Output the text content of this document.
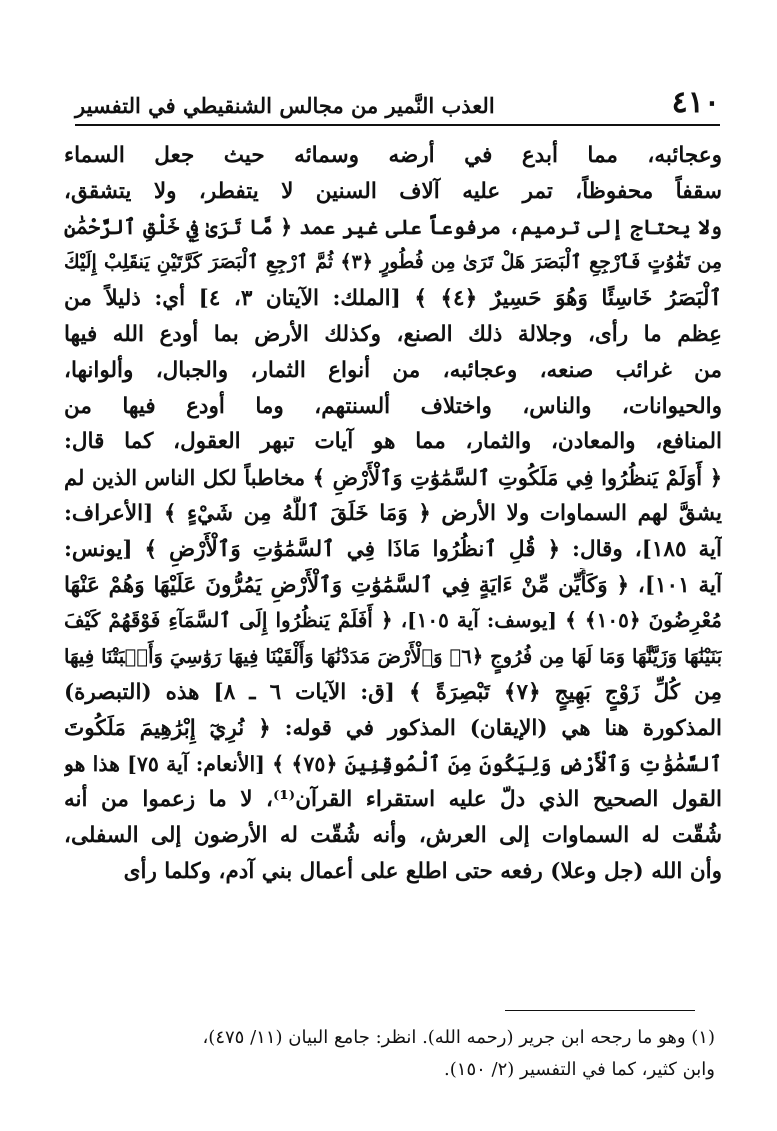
٤١٠
العذب النَّمير من مجالس الشنقيطي في التفسير
وعجائبه، مما أبدع في أرضه وسمائه حيث جعل السماء
سقفاً محفوظاً، تمر عليه آلاف السنين لا يتفطر، ولا يتشقق،
ولا يحتاج إلى ترميم، مرفوعاً على غير عمد ﴿ مَّا تَرَىٰ فِي خَلْقِ ٱلرَّحْمَٰنِ
مِن تَفَٰوُتٍ فَٱرْجِعِ ٱلْبَصَرَ هَلْ تَرَىٰ مِن فُطُورٍ ﴿٣﴾ ثُمَّ ٱرْجِعِ ٱلْبَصَرَ كَرَّتَيْنِ يَنقَلِبْ إِلَيْكَ
ٱلْبَصَرُ خَاسِئًا وَهُوَ حَسِيرٌ ﴿٤﴾ ﴾ [الملك: الآيتان ٣، ٤] أي: ذليلاً من
عِظم ما رأى، وجلالة ذلك الصنع، وكذلك الأرض بما أودع الله فيها
من غرائب صنعه، وعجائبه، من أنواع الثمار، والجبال، وألوانها،
والحيوانات، والناس، واختلاف ألسنتهم، وما أودع فيها من
المنافع، والمعادن، والثمار، مما هو آيات تبهر العقول، كما قال:
﴿ أَوَلَمْ يَنظُرُوا فِي مَلَكُوتِ ٱلسَّمَٰوَٰتِ وَٱلْأَرْضِ ﴾ مخاطباً لكل الناس الذين لم
يشقَّ لهم السماوات ولا الأرض ﴿ وَمَا خَلَقَ ٱللَّهُ مِن شَيْءٍ ﴾ [الأعراف:
آية ١٨٥]، وقال: ﴿ قُلِ ٱنظُرُوا مَاذَا فِي ٱلسَّمَٰوَٰتِ وَٱلْأَرْضِ ﴾ [يونس:
آية ١٠١]، ﴿ وَكَأَيِّن مِّنْ ءَايَةٍ فِي ٱلسَّمَٰوَٰتِ وَٱلْأَرْضِ يَمُرُّونَ عَلَيْهَا وَهُمْ عَنْهَا
مُعْرِضُونَ ﴿١٠٥﴾ ﴾ [يوسف: آية ١٠٥]، ﴿ أَفَلَمْ يَنظُرُوا إِلَى ٱلسَّمَآءِ فَوْقَهُمْ كَيْفَ
بَنَيْنَٰهَا وَزَيَّنَّٰهَا وَمَا لَهَا مِن فُرُوجٍ ﴿٦﴾ وَٱلْأَرْضَ مَدَدْنَٰهَا وَأَلْقَيْنَا فِيهَا رَوَٰسِيَ وَأَنۢبَتْنَا فِيهَا
مِن كُلِّ زَوْجٍ بَهِيجٍ ﴿٧﴾ تَبْصِرَةً ﴾ [ق: الآيات ٦ ـ ٨] هذه (التبصرة)
المذكورة هنا هي (الإيقان) المذكور في قوله: ﴿ نُرِيٓ إِبْرَٰهِيمَ مَلَكُوتَ
ٱلسَّمَٰوَٰتِ وَٱلْأَرْضِ وَلِيَكُونَ مِنَ ٱلْمُوقِنِينَ ﴿٧٥﴾ ﴾ [الأنعام: آية ٧٥] هذا هو
القول الصحيح الذي دلّ عليه استقراء القرآن⁽¹⁾، لا ما زعموا من أنه
شُقّت له السماوات إلى العرش، وأنه شُقّت له الأرضون إلى السفلى،
وأن الله (جل وعلا) رفعه حتى اطلع على أعمال بني آدم، وكلما رأى
(١) وهو ما رجحه ابن جرير (رحمه الله). انظر: جامع البيان (١١/ ٤٧٥)،
وابن كثير، كما في التفسير (٢/ ١٥٠).
